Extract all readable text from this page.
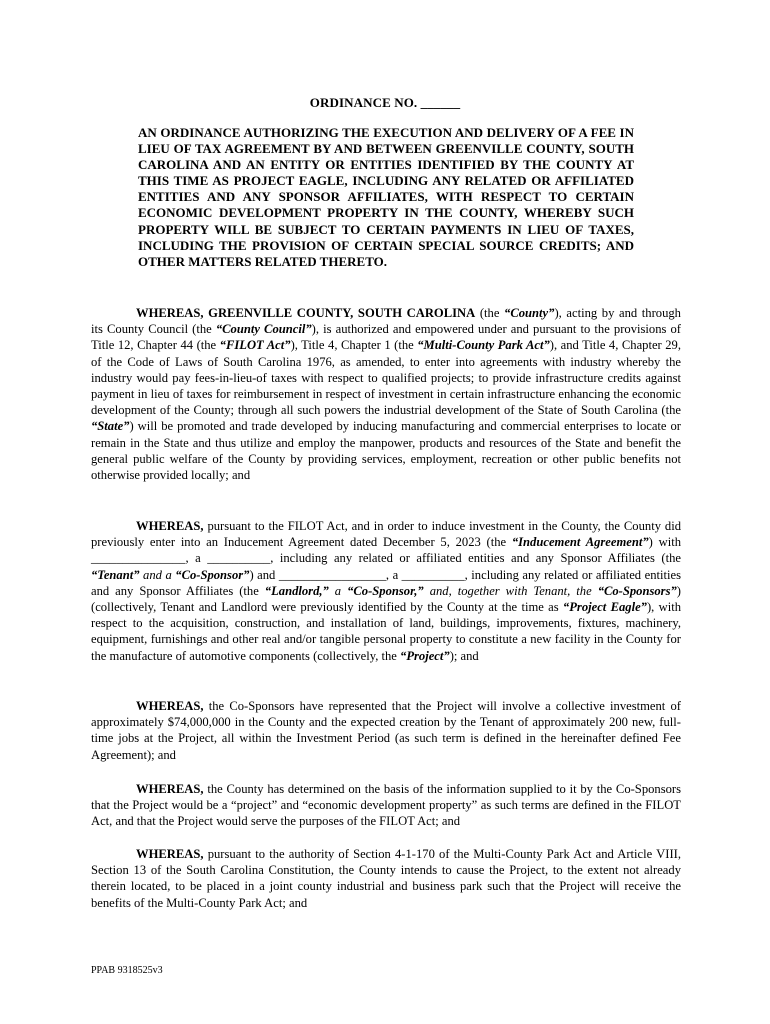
ORDINANCE NO. ______

AN ORDINANCE AUTHORIZING THE EXECUTION AND DELIVERY OF A FEE IN LIEU OF TAX AGREEMENT BY AND BETWEEN GREENVILLE COUNTY, SOUTH CAROLINA AND AN ENTITY OR ENTITIES IDENTIFIED BY THE COUNTY AT THIS TIME AS PROJECT EAGLE, INCLUDING ANY RELATED OR AFFILIATED ENTITIES AND ANY SPONSOR AFFILIATES, WITH RESPECT TO CERTAIN ECONOMIC DEVELOPMENT PROPERTY IN THE COUNTY, WHEREBY SUCH PROPERTY WILL BE SUBJECT TO CERTAIN PAYMENTS IN LIEU OF TAXES, INCLUDING THE PROVISION OF CERTAIN SPECIAL SOURCE CREDITS; AND OTHER MATTERS RELATED THERETO.

WHEREAS, GREENVILLE COUNTY, SOUTH CAROLINA (the “County”), acting by and through its County Council (the “County Council”), is authorized and empowered under and pursuant to the provisions of Title 12, Chapter 44 (the “FILOT Act”), Title 4, Chapter 1 (the “Multi-County Park Act”), and Title 4, Chapter 29, of the Code of Laws of South Carolina 1976, as amended, to enter into agreements with industry whereby the industry would pay fees-in-lieu-of taxes with respect to qualified projects; to provide infrastructure credits against payment in lieu of taxes for reimbursement in respect of investment in certain infrastructure enhancing the economic development of the County; through all such powers the industrial development of the State of South Carolina (the “State”) will be promoted and trade developed by inducing manufacturing and commercial enterprises to locate or remain in the State and thus utilize and employ the manpower, products and resources of the State and benefit the general public welfare of the County by providing services, employment, recreation or other public benefits not otherwise provided locally; and

WHEREAS, pursuant to the FILOT Act, and in order to induce investment in the County, the County did previously enter into an Inducement Agreement dated December 5, 2023 (the “Inducement Agreement”) with _______________, a __________, including any related or affiliated entities and any Sponsor Affiliates (the “Tenant” and a “Co-Sponsor”) and _________________, a __________, including any related or affiliated entities and any Sponsor Affiliates (the “Landlord,” a “Co-Sponsor,” and, together with Tenant, the “Co-Sponsors”) (collectively, Tenant and Landlord were previously identified by the County at the time as “Project Eagle”), with respect to the acquisition, construction, and installation of land, buildings, improvements, fixtures, machinery, equipment, furnishings and other real and/or tangible personal property to constitute a new facility in the County for the manufacture of automotive components (collectively, the “Project”); and

WHEREAS, the Co-Sponsors have represented that the Project will involve a collective investment of approximately $74,000,000 in the County and the expected creation by the Tenant of approximately 200 new, full-time jobs at the Project, all within the Investment Period (as such term is defined in the hereinafter defined Fee Agreement); and

WHEREAS, the County has determined on the basis of the information supplied to it by the Co-Sponsors that the Project would be a “project” and “economic development property” as such terms are defined in the FILOT Act, and that the Project would serve the purposes of the FILOT Act; and

WHEREAS, pursuant to the authority of Section 4-1-170 of the Multi-County Park Act and Article VIII, Section 13 of the South Carolina Constitution, the County intends to cause the Project, to the extent not already therein located, to be placed in a joint county industrial and business park such that the Project will receive the benefits of the Multi-County Park Act; and

PPAB 9318525v3
